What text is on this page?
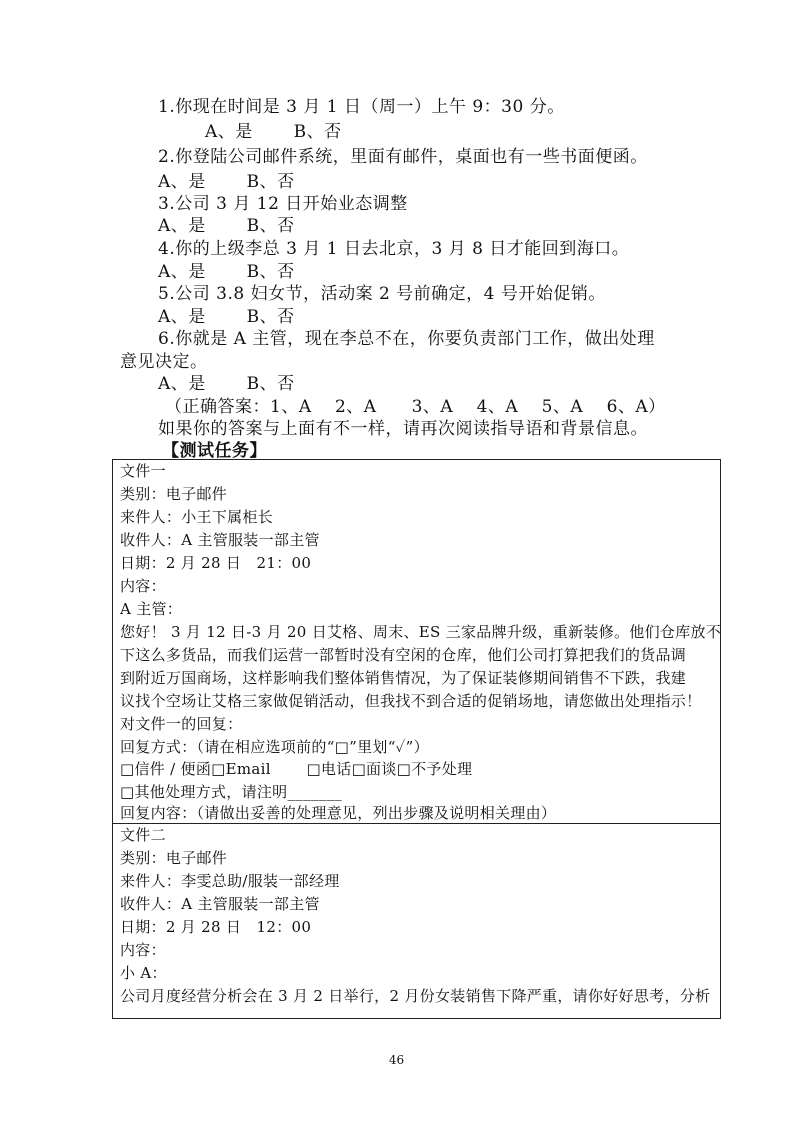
1.你现在时间是 3 月 1 日（周一）上午 9：30 分。
A、是　　 B、否
2.你登陆公司邮件系统，里面有邮件，桌面也有一些书面便函。
A、是　　 B、否
3.公司 3 月 12 日开始业态调整
A、是　　 B、否
4.你的上级李总 3 月 1 日去北京，3 月 8 日才能回到海口。
A、是　　 B、否
5.公司 3.8 妇女节，活动案 2 号前确定，4 号开始促销。
A、是　　 B、否
6.你就是 A 主管，现在李总不在，你要负责部门工作，做出处理
意见决定。
A、是　　 B、否
（正确答案：1、A　 2、A　　3、A　 4、A　 5、A　 6、A）
如果你的答案与上面有不一样，请再次阅读指导语和背景信息。
【测试任务】
文件一
类别：电子邮件
来件人：小王下属柜长
收件人：A 主管服装一部主管
日期：2 月 28 日　21：00
内容：
A 主管：
您好！ 3 月 12 日-3 月 20 日艾格、周末、ES 三家品牌升级，重新装修。他们仓库放不
下这么多货品，而我们运营一部暂时没有空闲的仓库，他们公司打算把我们的货品调
到附近万国商场，这样影响我们整体销售情况，为了保证装修期间销售不下跌，我建
议找个空场让艾格三家做促销活动，但我找不到合适的促销场地，请您做出处理指示！
对文件一的回复：
回复方式：（请在相应选项前的“□”里划“✓”）
□信件 / 便函□Email　　 □电话□面谈□不予处理
□其他处理方式，请注明_______
回复内容：（请做出妥善的处理意见，列出步骤及说明相关理由）
文件二
类别：电子邮件
来件人：李雯总助/服装一部经理
收件人：A 主管服装一部主管
日期：2 月 28 日　12：00
内容：
小 A：
公司月度经营分析会在 3 月 2 日举行，2 月份女装销售下降严重，请你好好思考，分析
46
